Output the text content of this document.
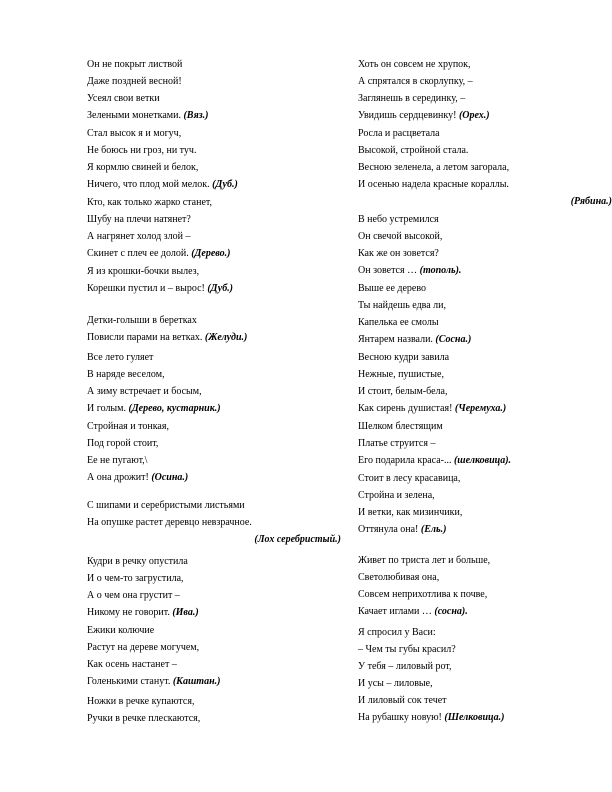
Он не покрыт листвой
Даже поздней весной!
Усеял свои ветки
Зелеными монетками. (Вяз.)
Стал высок я и могуч,
Не боюсь ни гроз, ни туч.
Я кормлю свиней и белок,
Ничего, что плод мой мелок. (Дуб.)
Кто, как только жарко станет,
Шубу на плечи натянет?
А нагрянет холод злой –
Скинет с плеч ее долой. (Дерево.)
Я из крошки-бочки вылез,
Корешки пустил и – вырос! (Дуб.)
Детки-голыши в беретках
Повисли парами на ветках. (Желуди.)
Все лето гуляет
В наряде веселом,
А зиму встречает и босым,
И голым. (Дерево, кустарник.)
Стройная и тонкая,
Под горой стоит,
Ее не пугают,\
А она дрожит! (Осина.)
С шипами и серебристыми листьями
На опушке растет деревцо невзрачное.
(Лох серебристый.)
Кудри в речку опустила
И о чем-то загрустила,
А о чем она грустит –
Никому не говорит. (Ива.)
Ежики колючие
Растут на дереве могучем,
Как осень настанет –
Голенькими станут. (Каштан.)
Ножки в речке купаются,
Ручки в речке плескаются,
Хоть он совсем не хрупок,
А спрятался в скорлупку, –
Заглянешь в серединку, –
Увидишь сердцевинку! (Орех.)
Росла и расцветала
Высокой, стройной стала.
Весною зеленела, а летом загорала,
И осенью надела красные кораллы.
(Рябина.)
В небо устремился
Он свечой высокой,
Как же он зовется?
Он зовется … (тополь).
Выше ее дерево
Ты найдешь едва ли,
Капелька ее смолы
Янтарем назвали. (Сосна.)
Весною кудри завила
Нежные, пушистые,
И стоит, белым-бела,
Как сирень душистая! (Черемуха.)
Шелком блестящим
Платье струится –
Его подарила краса-... (шелковица).
Стоит в лесу красавица,
Стройна и зелена,
И ветки, как мизинчики,
Оттянула она! (Ель.)
Живет по триста лет и больше,
Светолюбивая она,
Совсем неприхотлива к почве,
Качает иглами … (сосна).
Я спросил у Васи:
– Чем ты губы красил?
У тебя – лиловый рот,
И усы – лиловые,
И лиловый сок течет
На рубашку новую! (Шелковица.)
